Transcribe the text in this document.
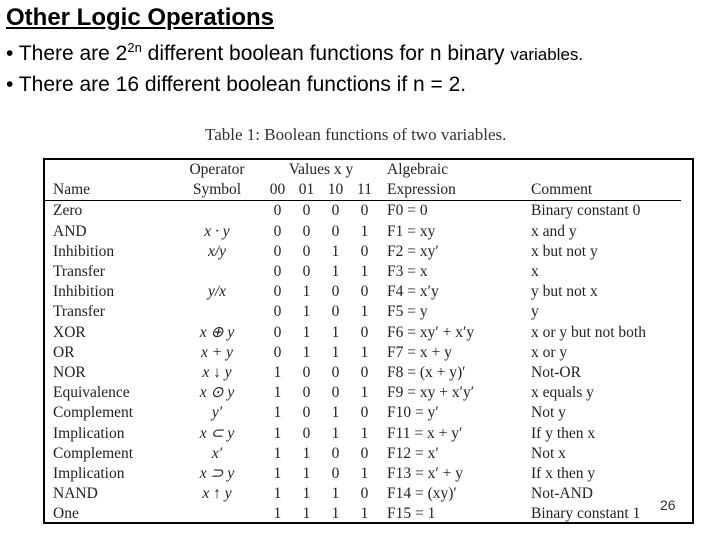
Other Logic Operations
• There are $2^{2n}$ different boolean functions for n binary variables.
• There are 16 different boolean functions if n = 2.
Table 1: Boolean functions of two variables.
	Operator	Values x y				Algebraic	
Name	Symbol	00	01	10	11	Expression	Comment
Zero		0	0	0	0	F0 = 0	Binary constant 0
AND	x · y	0	0	0	1	F1 = xy	x and y
Inhibition	x/y	0	0	1	0	F2 = xy′	x but not y
Transfer		0	0	1	1	F3 = x	x
Inhibition	y/x	0	1	0	0	F4 = x′y	y but not x
Transfer		0	1	0	1	F5 = y	y
XOR	x ⊕ y	0	1	1	0	F6 = xy′ + x′y	x or y but not both
OR	x + y	0	1	1	1	F7 = x + y	x or y
NOR	x ↓ y	1	0	0	0	F8 = (x + y)′	Not-OR
Equivalence	x ⊙ y	1	0	0	1	F9 = xy + x′y′	x equals y
Complement	y′	1	0	1	0	F10 = y′	Not y
Implication	x ⊂ y	1	0	1	1	F11 = x + y′	If y then x
Complement	x′	1	1	0	0	F12 = x′	Not x
Implication	x ⊃ y	1	1	0	1	F13 = x′ + y	If x then y
NAND	x ↑ y	1	1	1	0	F14 = (xy)′	Not-AND
One		1	1	1	1	F15 = 1	Binary constant 1
26
